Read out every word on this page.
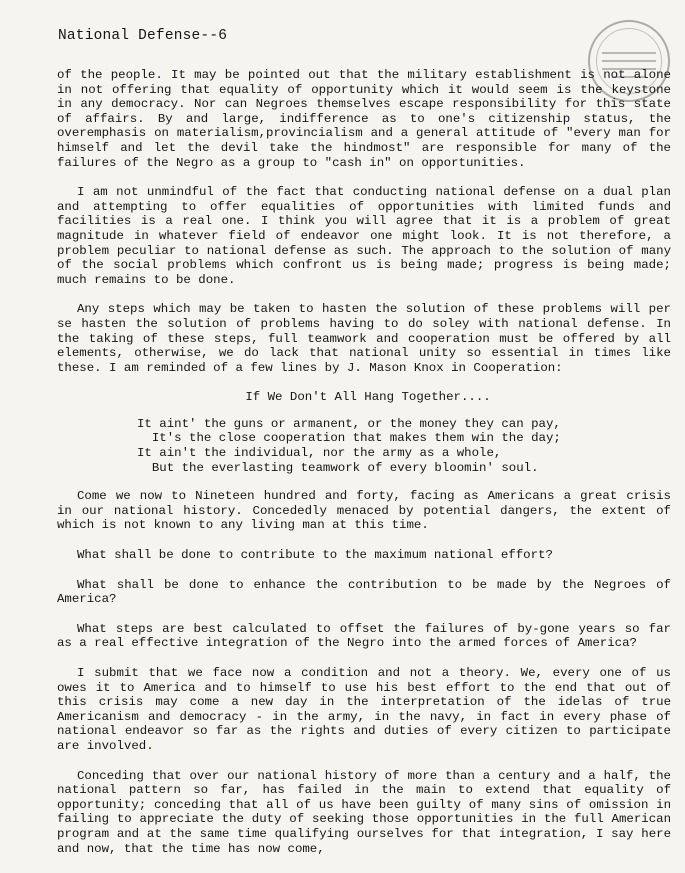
National Defense--6

of the people. It may be pointed out that the military establishment is not alone in not offering that equality of opportunity which it would seem is the keystone in any democracy. Nor can Negroes themselves escape responsibility for this state of affairs. By and large, indifference as to one's citizenship status, the overemphasis on materialism,provincialism and a general attitude of "every man for himself and let the devil take the hindmost" are responsible for many of the failures of the Negro as a group to "cash in" on opportunities.

I am not unmindful of the fact that conducting national defense on a dual plan and attempting to offer equalities of opportunities with limited funds and facilities is a real one. I think you will agree that it is a problem of great magnitude in whatever field of endeavor one might look. It is not therefore, a problem peculiar to national defense as such. The approach to the solution of many of the social problems which confront us is being made; progress is being made; much remains to be done.

Any steps which may be taken to hasten the solution of these problems will per se hasten the solution of problems having to do soley with national defense. In the taking of these steps, full teamwork and cooperation must be offered by all elements, otherwise, we do lack that national unity so essential in times like these. I am reminded of a few lines by J. Mason Knox in Cooperation:

If We Don't All Hang Together....
It aint' the guns or armanent, or the money they can pay,
It's the close cooperation that makes them win the day;
It ain't the individual, nor the army as a whole,
But the everlasting teamwork of every bloomin' soul.

Come we now to Nineteen hundred and forty, facing as Americans a great crisis in our national history. Concededly menaced by potential dangers, the extent of which is not known to any living man at this time.

What shall be done to contribute to the maximum national effort?

What shall be done to enhance the contribution to be made by the Negroes of America?

What steps are best calculated to offset the failures of by-gone years so far as a real effective integration of the Negro into the armed forces of America?

I submit that we face now a condition and not a theory. We, every one of us owes it to America and to himself to use his best effort to the end that out of this crisis may come a new day in the interpretation of the idelas of true Americanism and democracy - in the army, in the navy, in fact in every phase of national endeavor so far as the rights and duties of every citizen to participate are involved.

Conceding that over our national history of more than a century and a half, the national pattern so far, has failed in the main to extend that equality of opportunity; conceding that all of us have been guilty of many sins of omission in failing to appreciate the duty of seeking those opportunities in the full American program and at the same time qualifying ourselves for that integration, I say here and now, that the time has now come,
